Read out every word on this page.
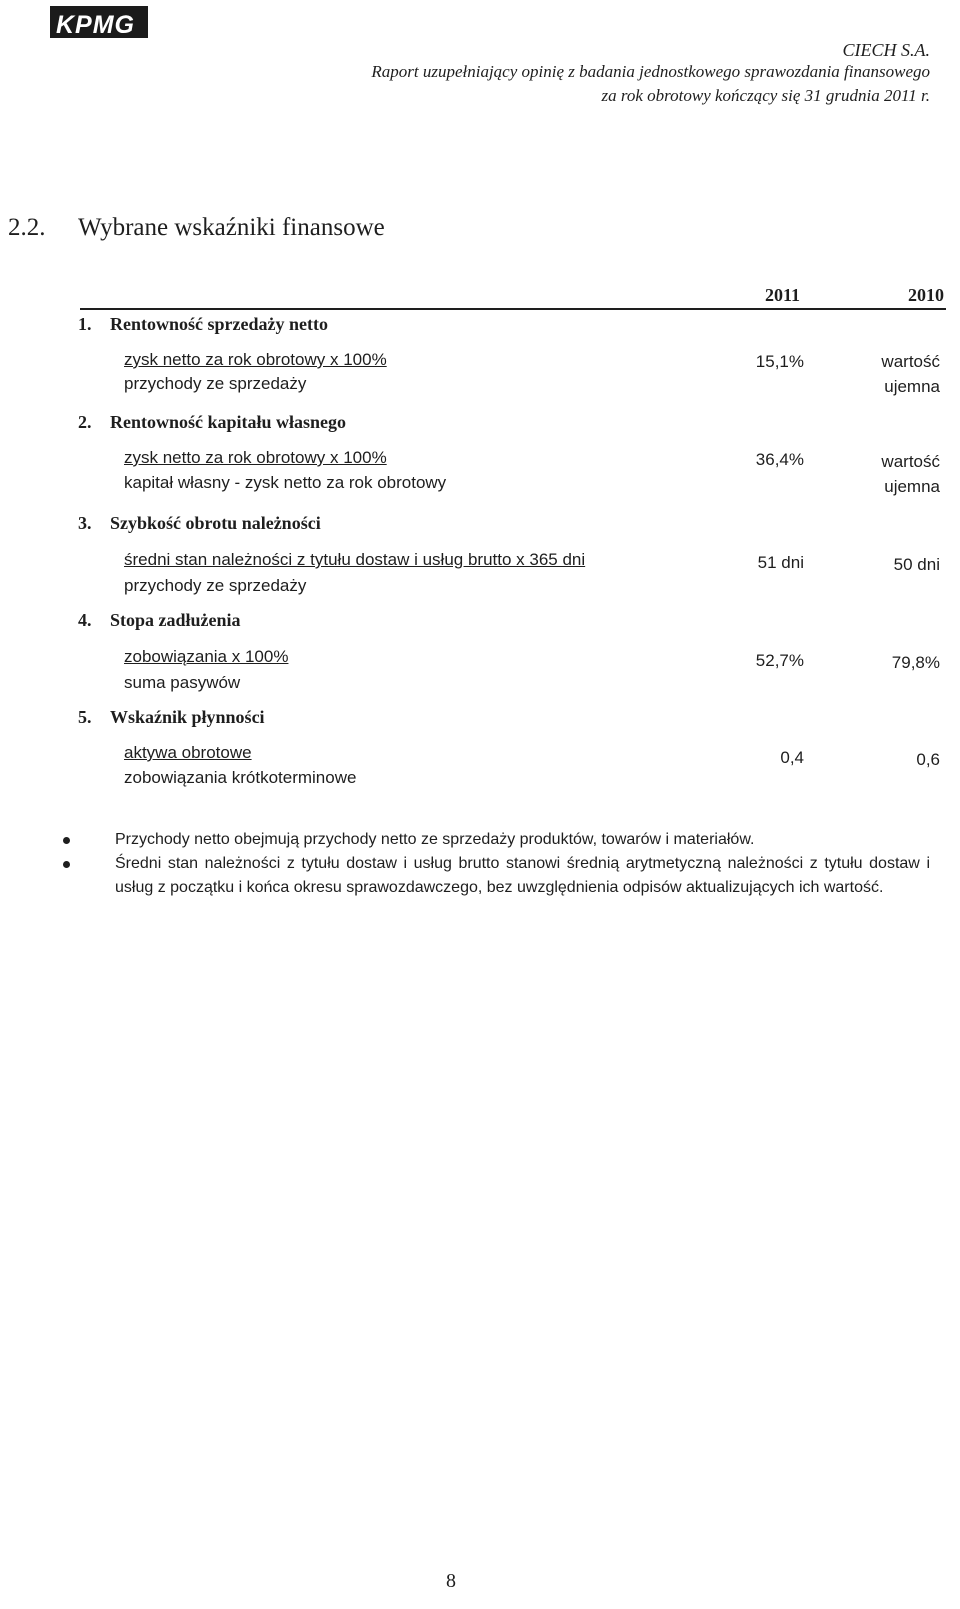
KPMG
CIECH S.A.
Raport uzupełniający opinię z badania jednostkowego sprawozdania finansowego
za rok obrotowy kończący się 31 grudnia 2011 r.
2.2. Wybrane wskaźniki finansowe
2011	2010
1. Rentowność sprzedaży netto
zysk netto za rok obrotowy x 100%
przychody ze sprzedaży
15,1%	wartość
ujemna
2. Rentowność kapitału własnego
zysk netto za rok obrotowy x 100%
kapitał własny - zysk netto za rok obrotowy
36,4%	wartość
ujemna
3. Szybkość obrotu należności
średni stan należności z tytułu dostaw i usług brutto x 365 dni
przychody ze sprzedaży
51 dni	50 dni
4. Stopa zadłużenia
zobowiązania x 100%
suma pasywów
52,7%	79,8%
5. Wskaźnik płynności
aktywa obrotowe
zobowiązania krótkoterminowe
0,4	0,6
Przychody netto obejmują przychody netto ze sprzedaży produktów, towarów i materiałów.
Średni stan należności z tytułu dostaw i usług brutto stanowi średnią arytmetyczną należności z tytułu dostaw i usług z początku i końca okresu sprawozdawczego, bez uwzględnienia odpisów aktualizujących ich wartość.
8
